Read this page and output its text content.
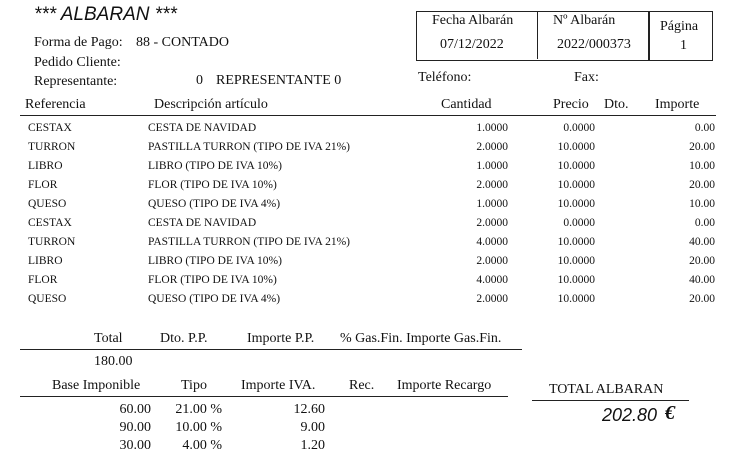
*** ALBARAN ***
Forma de Pago: 88 - CONTADO
Pedido Cliente:
Representante:	0 REPRESENTANTE 0	Teléfono:	Fax:
Fecha Albarán
07/12/2022
Nº Albarán
2022/000373
Página
1
Referencia	Descripción artículo	Cantidad	Precio Dto. Importe
CESTAX	CESTA DE NAVIDAD	1.0000	0.0000	0.00
TURRON	PASTILLA TURRON (TIPO DE IVA 21%)	2.0000	10.0000	20.00
LIBRO	LIBRO (TIPO DE IVA 10%)	1.0000	10.0000	10.00
FLOR	FLOR (TIPO DE IVA 10%)	2.0000	10.0000	20.00
QUESO	QUESO (TIPO DE IVA 4%)	1.0000	10.0000	10.00
CESTAX	CESTA DE NAVIDAD	2.0000	0.0000	0.00
TURRON	PASTILLA TURRON (TIPO DE IVA 21%)	4.0000	10.0000	40.00
LIBRO	LIBRO (TIPO DE IVA 10%)	2.0000	10.0000	20.00
FLOR	FLOR (TIPO DE IVA 10%)	4.0000	10.0000	40.00
QUESO	QUESO (TIPO DE IVA 4%)	2.0000	10.0000	20.00
Total	Dto. P.P.	Importe P.P. % Gas.Fin. Importe Gas.Fin.
180.00
Base Imponible	Tipo Importe IVA. Rec. Importe Recargo
60.00 21.00 %	12.60
90.00 10.00 %	9.00
30.00 4.00 %	1.20
TOTAL ALBARAN
202.80 €
